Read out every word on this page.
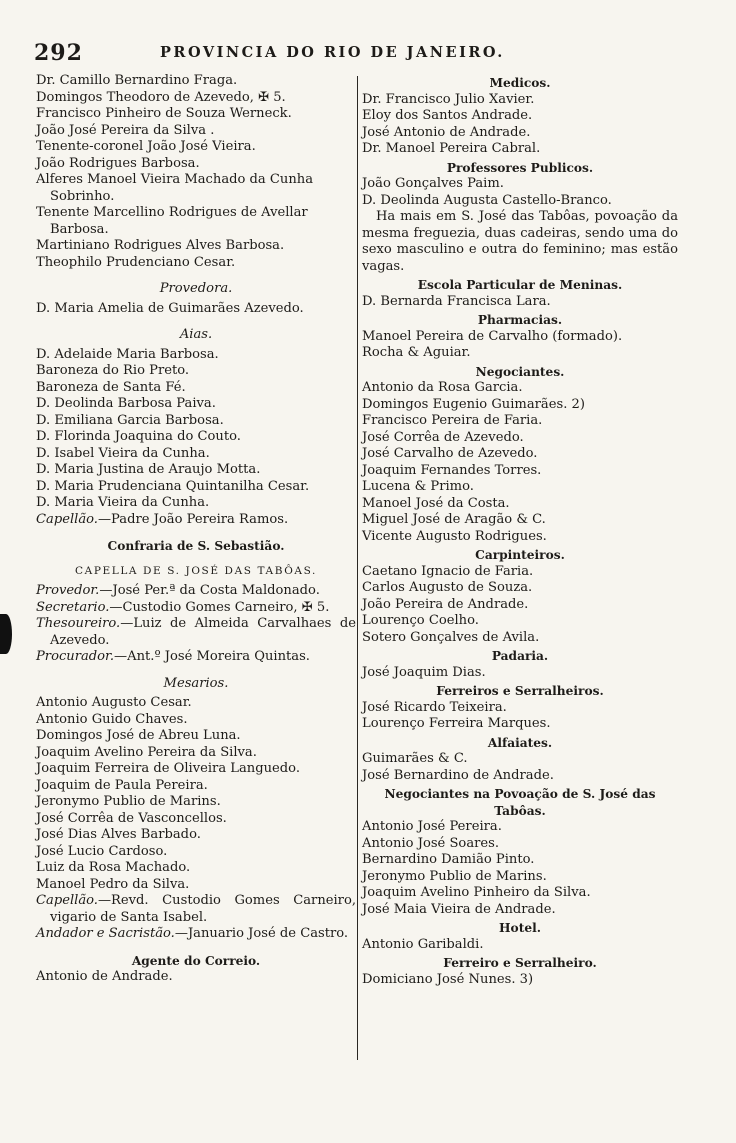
292	PROVINCIA DO RIO DE JANEIRO.
Dr. Camillo Bernardino Fraga.
Domingos Theodoro de Azevedo, ✠ 5.
Francisco Pinheiro de Souza Werneck.
João José Pereira da Silva .
Tenente-coronel João José Vieira.
João Rodrigues Barbosa.
Alferes Manoel Vieira Machado da Cunha Sobrinho.
Tenente Marcellino Rodrigues de Avellar Barbosa.
Martiniano Rodrigues Alves Barbosa.
Theophilo Prudenciano Cesar.
Provedora.
D. Maria Amelia de Guimarães Azevedo.
Aias.
D. Adelaide Maria Barbosa.
Baroneza do Rio Preto.
Baroneza de Santa Fé.
D. Deolinda Barbosa Paiva.
D. Emiliana Garcia Barbosa.
D. Florinda Joaquina do Couto.
D. Isabel Vieira da Cunha.
D. Maria Justina de Araujo Motta.
D. Maria Prudenciana Quintanilha Cesar.
D. Maria Vieira da Cunha.
Capellão.—Padre João Pereira Ramos.
Confraria de S. Sebastião.
CAPELLA DE S. JOSÉ DAS TABÔAS.
Provedor.—José Per.ª da Costa Maldonado.
Secretario.—Custodio Gomes Carneiro, ✠ 5.
Thesoureiro.—Luiz de Almeida Carvalhaes de Azevedo.
Procurador.—Ant.º José Moreira Quintas.
Mesarios.
Antonio Augusto Cesar.
Antonio Guido Chaves.
Domingos José de Abreu Luna.
Joaquim Avelino Pereira da Silva.
Joaquim Ferreira de Oliveira Languedo.
Joaquim de Paula Pereira.
Jeronymo Publio de Marins.
José Corrêa de Vasconcellos.
José Dias Alves Barbado.
José Lucio Cardoso.
Luiz da Rosa Machado.
Manoel Pedro da Silva.
Capellão.—Revd. Custodio Gomes Carneiro, vigario de Santa Isabel.
Andador e Sacristão.—Januario José de Castro.
Agente do Correio.
Antonio de Andrade.
Medicos.
Dr. Francisco Julio Xavier.
Eloy dos Santos Andrade.
José Antonio de Andrade.
Dr. Manoel Pereira Cabral.
Professores Publicos.
João Gonçalves Paim.
D. Deolinda Augusta Castello-Branco.
Ha mais em S. José das Tabôas, povoação da mesma freguezia, duas cadeiras, sendo uma do sexo masculino e outra do feminino; mas estão vagas.
Escola Particular de Meninas.
D. Bernarda Francisca Lara.
Pharmacias.
Manoel Pereira de Carvalho (formado).
Rocha & Aguiar.
Negociantes.
Antonio da Rosa Garcia.
Domingos Eugenio Guimarães. 2)
Francisco Pereira de Faria.
José Corrêa de Azevedo.
José Carvalho de Azevedo.
Joaquim Fernandes Torres.
Lucena & Primo.
Manoel José da Costa.
Miguel José de Aragão & C.
Vicente Augusto Rodrigues.
Carpinteiros.
Caetano Ignacio de Faria.
Carlos Augusto de Souza.
João Pereira de Andrade.
Lourenço Coelho.
Sotero Gonçalves de Avila.
Padaria.
José Joaquim Dias.
Ferreiros e Serralheiros.
José Ricardo Teixeira.
Lourenço Ferreira Marques.
Alfaiates.
Guimarães & C.
José Bernardino de Andrade.
Negociantes na Povoação de S. José das Tabôas.
Antonio José Pereira.
Antonio José Soares.
Bernardino Damião Pinto.
Jeronymo Publio de Marins.
Joaquim Avelino Pinheiro da Silva.
José Maia Vieira de Andrade.
Hotel.
Antonio Garibaldi.
Ferreiro e Serralheiro.
Domiciano José Nunes. 3)
